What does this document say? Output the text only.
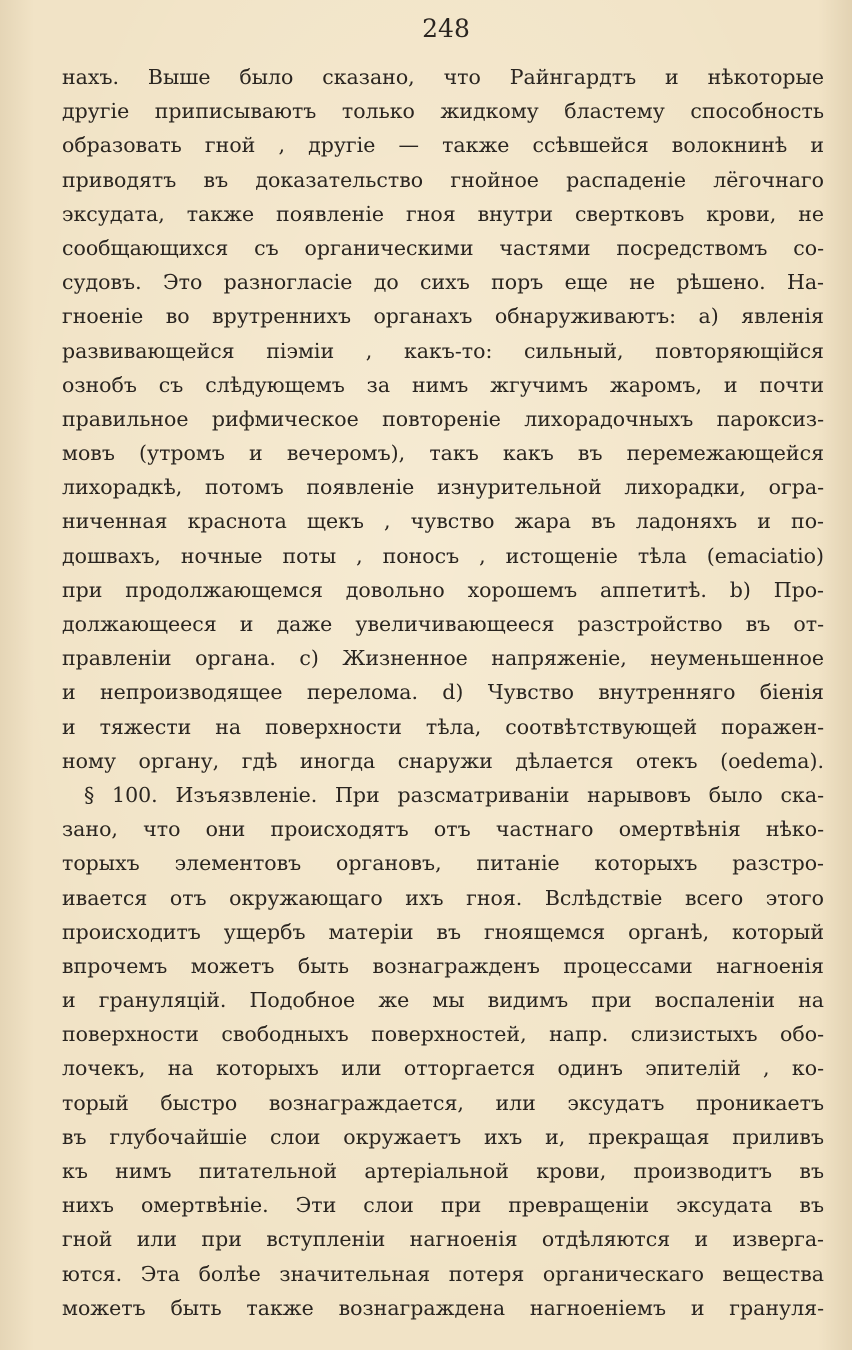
248
нахъ. Выше было сказано, что Райнгардтъ и нѣкоторые
другіе приписываютъ только жидкому бластему способность
образовать гной , другіе — также ссѣвшейся волокнинѣ и
приводятъ въ доказательство гнойное распаденіе лёгочнаго
эксудата, также появленіе гноя внутри свертковъ крови, не
сообщающихся съ органическими частями посредствомъ со-
судовъ. Это разногласіе до сихъ поръ еще не рѣшено. На-
гноеніе во врутреннихъ органахъ обнаруживаютъ: a) явленія
развивающейся піэміи , какъ-то: сильный, повторяющійся
ознобъ съ слѣдующемъ за нимъ жгучимъ жаромъ, и почти
правильное рифмическое повтореніе лихорадочныхъ пароксиз-
мовъ (утромъ и вечеромъ), такъ какъ въ перемежающейся
лихорадкѣ, потомъ появленіе изнурительной лихорадки, огра-
ниченная краснота щекъ , чувство жара въ ладоняхъ и по-
дошвахъ, ночные поты , поносъ , истощеніе тѣла (emaciatio)
при продолжающемся довольно хорошемъ аппетитѣ. b) Про-
должающееся и даже увеличивающееся разстройство въ от-
правленіи органа. c) Жизненное напряженіе, неуменьшенное
и непроизводящее перелома. d) Чувство внутренняго біенія
и тяжести на поверхности тѣла, соотвѣтствующей поражен-
ному органу, гдѣ иногда снаружи дѣлается отекъ (oedema).
§ 100. Изъязвленіе. При разсматриваніи нарывовъ было ска-
зано, что они происходятъ отъ частнаго омертвѣнія нѣко-
торыхъ элементовъ органовъ, питаніе которыхъ разстро-
ивается отъ окружающаго ихъ гноя. Вслѣдствіе всего этого
происходитъ ущербъ матеріи въ гноящемся органѣ, который
впрочемъ можетъ быть вознагражденъ процессами нагноенія
и грануляцій. Подобное же мы видимъ при воспаленіи на
поверхности свободныхъ поверхностей, напр. слизистыхъ обо-
лочекъ, на которыхъ или отторгается одинъ эпителій , ко-
торый быстро вознаграждается, или эксудатъ проникаетъ
въ глубочайшіе слои окружаетъ ихъ и, прекращая приливъ
къ нимъ питательной артеріальной крови, производитъ въ
нихъ омертвѣніе. Эти слои при превращеніи эксудата въ
гной или при вступленіи нагноенія отдѣляются и изверга-
ются. Эта болѣе значительная потеря органическаго вещества
можетъ быть также вознаграждена нагноеніемъ и грануля-
